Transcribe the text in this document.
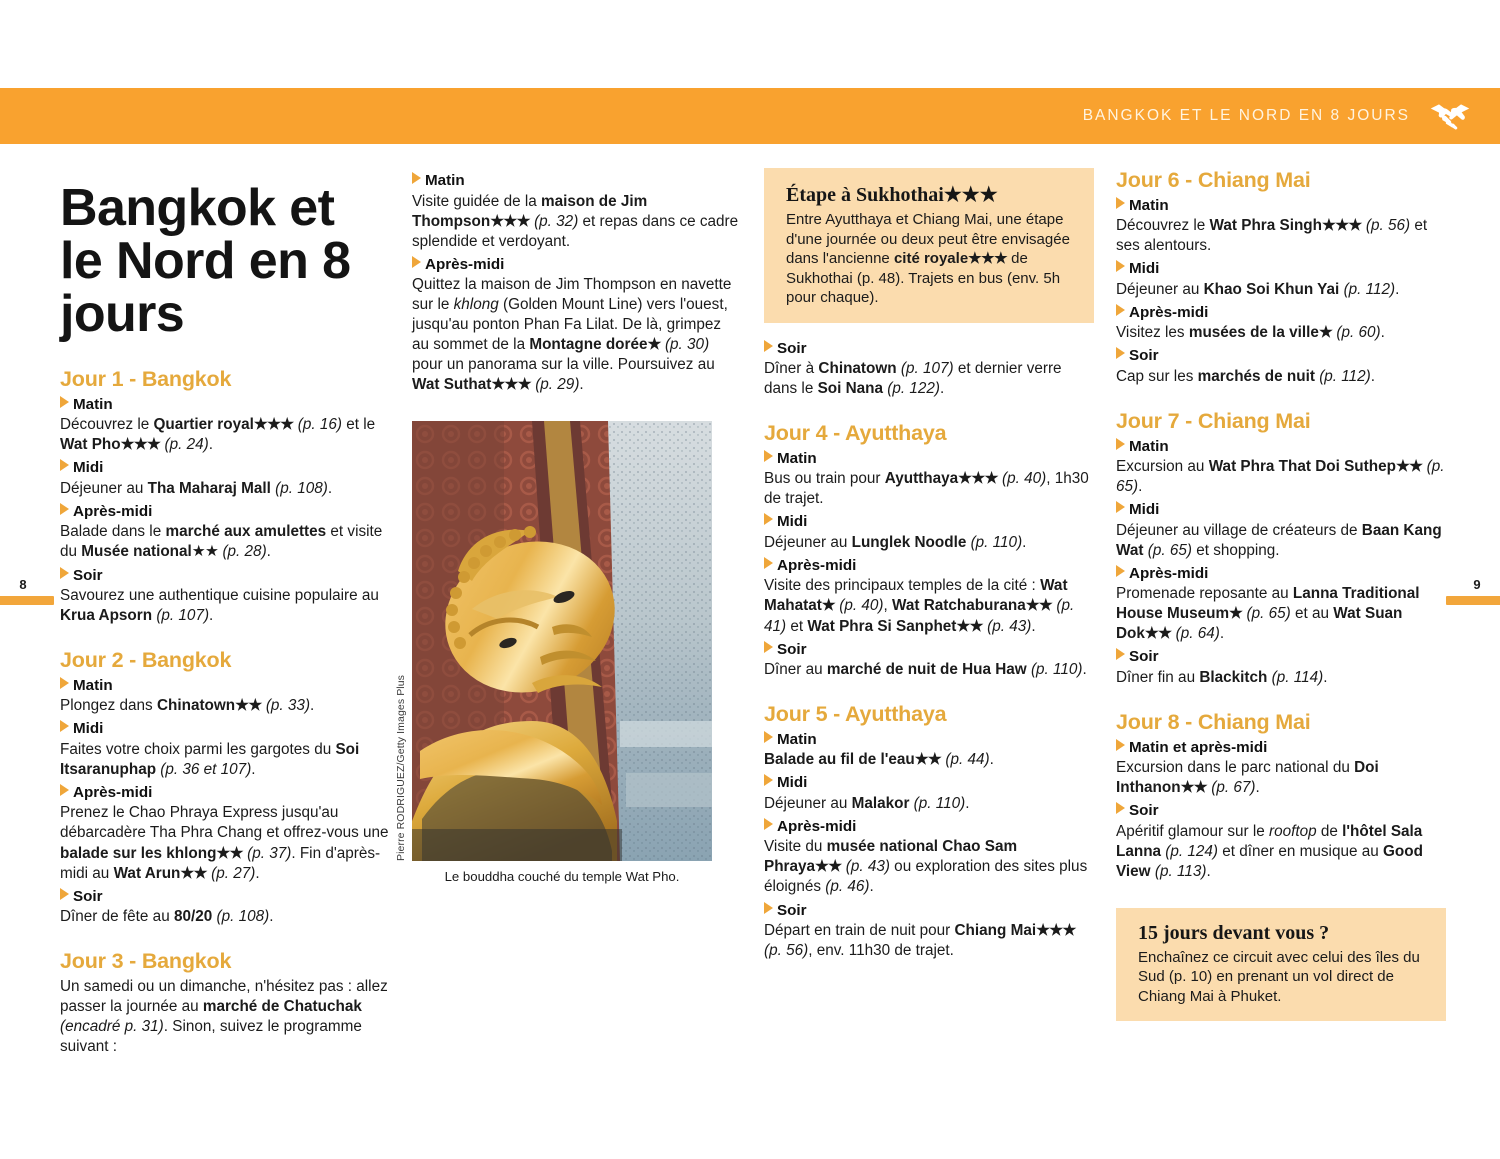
BANGKOK ET LE NORD EN 8 JOURS
8	9
Bangkok et le Nord en 8 jours
Jour 1 - Bangkok
Matin

Découvrez le Quartier royal★★★ (p. 16) et le Wat Pho★★★ (p. 24).

Midi

Déjeuner au Tha Maharaj Mall (p. 108).

Après-midi

Balade dans le marché aux amulettes et visite du Musée national★★ (p. 28).

Soir

Savourez une authentique cuisine populaire au Krua Apsorn (p. 107).

Jour 2 - Bangkok
Matin

Plongez dans Chinatown★★ (p. 33).

Midi

Faites votre choix parmi les gargotes du Soi Itsaranuphap (p. 36 et 107).

Après-midi

Prenez le Chao Phraya Express jusqu'au débarcadère Tha Phra Chang et offrez-vous une balade sur les khlong★★ (p. 37). Fin d'après-midi au Wat Arun★★ (p. 27).

Soir

Dîner de fête au 80/20 (p. 108).

Jour 3 - Bangkok

Un samedi ou un dimanche, n'hésitez pas : allez passer la journée au marché de Chatuchak (encadré p. 31). Sinon, suivez le programme suivant :

Matin

Visite guidée de la maison de Jim Thompson★★★ (p. 32) et repas dans ce cadre splendide et verdoyant.

Après-midi

Quittez la maison de Jim Thompson en navette sur le khlong (Golden Mount Line) vers l'ouest, jusqu'au ponton Phan Fa Lilat. De là, grimpez au sommet de la Montagne dorée★ (p. 30) pour un panorama sur la ville. Poursuivez au Wat Suthat★★★ (p. 29).

Pierre RODRIGUEZ/Getty Images Plus
Le bouddha couché du temple Wat Pho.
Étape à Sukhothai★★★

Entre Ayutthaya et Chiang Mai, une étape d'une journée ou deux peut être envisagée dans l'ancienne cité royale★★★ de Sukhothai (p. 48). Trajets en bus (env. 5h pour chaque).

Soir

Dîner à Chinatown (p. 107) et dernier verre dans le Soi Nana (p. 122).

Jour 4 - Ayutthaya
Matin

Bus ou train pour Ayutthaya★★★ (p. 40), 1h30 de trajet.

Midi

Déjeuner au Lunglek Noodle (p. 110).

Après-midi

Visite des principaux temples de la cité : Wat Mahatat★ (p. 40), Wat Ratchaburana★★ (p. 41) et Wat Phra Si Sanphet★★ (p. 43).

Soir

Dîner au marché de nuit de Hua Haw (p. 110).

Jour 5 - Ayutthaya
Matin

Balade au fil de l'eau★★ (p. 44).

Midi

Déjeuner au Malakor (p. 110).

Après-midi

Visite du musée national Chao Sam Phraya★★ (p. 43) ou exploration des sites plus éloignés (p. 46).

Soir

Départ en train de nuit pour Chiang Mai★★★ (p. 56), env. 11h30 de trajet.

Jour 6 - Chiang Mai
Matin

Découvrez le Wat Phra Singh★★★ (p. 56) et ses alentours.

Midi

Déjeuner au Khao Soi Khun Yai (p. 112).

Après-midi

Visitez les musées de la ville★ (p. 60).

Soir

Cap sur les marchés de nuit (p. 112).

Jour 7 - Chiang Mai
Matin

Excursion au Wat Phra That Doi Suthep★★ (p. 65).

Midi

Déjeuner au village de créateurs de Baan Kang Wat (p. 65) et shopping.

Après-midi

Promenade reposante au Lanna Traditional House Museum★ (p. 65) et au Wat Suan Dok★★ (p. 64).

Soir

Dîner fin au Blackitch (p. 114).

Jour 8 - Chiang Mai
Matin et après-midi

Excursion dans le parc national du Doi Inthanon★★ (p. 67).

Soir

Apéritif glamour sur le rooftop de l'hôtel Sala Lanna (p. 124) et dîner en musique au Good View (p. 113).

15 jours devant vous ?

Enchaînez ce circuit avec celui des îles du Sud (p. 10) en prenant un vol direct de Chiang Mai à Phuket.
